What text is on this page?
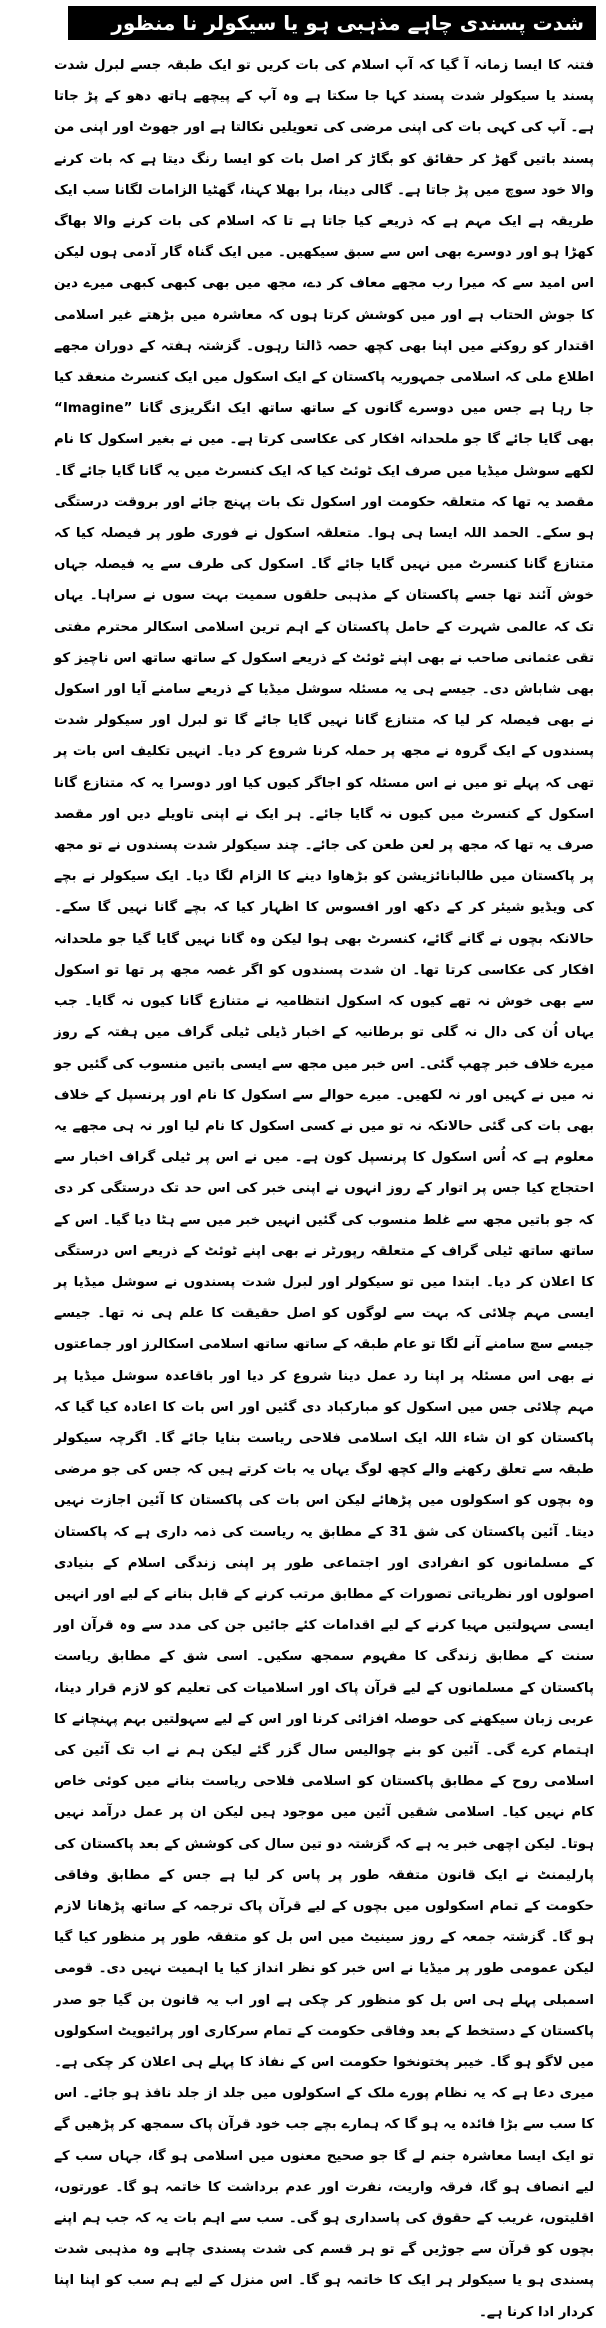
شدت پسندی چاہے مذہبی ہو یا سیکولر نا منظور

فتنہ کا ایسا زمانہ آ گیا کہ آپ اسلام کی بات کریں تو ایک طبقہ جسے لبرل شدت پسند یا سیکولر شدت پسند کہا جا سکتا ہے وہ آپ کے پیچھے ہاتھ دھو کے پڑ جاتا ہے۔ آپ کی کہی بات کی اپنی مرضی کی تعویلیں نکالتا ہے اور جھوٹ اور اپنی من پسند باتیں گھڑ کر حقائق کو بگاڑ کر اصل بات کو ایسا رنگ دیتا ہے کہ بات کرنے والا خود سوچ میں پڑ جاتا ہے۔ گالی دینا، برا بھلا کہنا، گھٹیا الزامات لگانا سب ایک طریقہ ہے ایک مہم ہے کہ ذریعے کیا جاتا ہے تا کہ اسلام کی بات کرنے والا بھاگ کھڑا ہو اور دوسرے بھی اس سے سبق سیکھیں۔ میں ایک گناہ گار آدمی ہوں لیکن اس امید سے کہ میرا رب مجھے معاف کر دے، مجھ میں بھی کبھی کبھی میرے دین کا جوش الحتاب ہے اور میں کوشش کرتا ہوں کہ معاشرہ میں بڑھتے غیر اسلامی اقتدار کو روکنے میں اپنا بھی کچھ حصہ ڈالتا رہوں۔ گزشتہ ہفتہ کے دوران مجھے اطلاع ملی کہ اسلامی جمہوریہ پاکستان کے ایک اسکول میں ایک کنسرٹ منعقد کیا جا رہا ہے جس میں دوسرے گانوں کے ساتھ ساتھ ایک انگریزی گانا ”Imagine“ بھی گایا جائے گا جو ملحدانہ افکار کی عکاسی کرتا ہے۔ میں نے بغیر اسکول کا نام لکھے سوشل میڈیا میں صرف ایک ٹوئٹ کیا کہ ایک کنسرٹ میں یہ گانا گایا جائے گا۔ مقصد یہ تھا کہ متعلقہ حکومت اور اسکول تک بات پہنچ جائے اور بروقت درستگی ہو سکے۔ الحمد اللہ ایسا ہی ہوا۔ متعلقہ اسکول نے فوری طور پر فیصلہ کیا کہ متنازع گانا کنسرٹ میں نہیں گایا جائے گا۔ اسکول کی طرف سے یہ فیصلہ جہاں خوش آئند تھا جسے پاکستان کے مذہبی حلقوں سمیت بہت سوں نے سراہا۔ یہاں تک کہ عالمی شہرت کے حامل پاکستان کے اہم ترین اسلامی اسکالر محترم مفتی تقی عثمانی صاحب نے بھی اپنے ٹوئٹ کے ذریعے اسکول کے ساتھ ساتھ اس ناچیز کو بھی شاباش دی۔ جیسے ہی یہ مسئلہ سوشل میڈیا کے ذریعے سامنے آیا اور اسکول نے بھی فیصلہ کر لیا کہ متنازع گانا نہیں گایا جائے گا تو لبرل اور سیکولر شدت پسندوں کے ایک گروہ نے مجھ پر حملہ کرنا شروع کر دیا۔ انہیں تکلیف اس بات پر تھی کہ پہلے تو میں نے اس مسئلہ کو اجاگر کیوں کیا اور دوسرا یہ کہ متنازع گانا اسکول کے کنسرٹ میں کیوں نہ گایا جائے۔ ہر ایک نے اپنی تاویلے دیں اور مقصد صرف یہ تھا کہ مجھ پر لعن طعن کی جائے۔ چند سیکولر شدت پسندوں نے تو مجھ پر پاکستان میں طالبانائزیشن کو بڑھاوا دینے کا الزام لگا دیا۔ ایک سیکولر نے بچے کی ویڈیو شیئر کر کے دکھ اور افسوس کا اظہار کیا کہ بچے گانا نہیں گا سکے۔ حالانکہ بچوں نے گانے گائے، کنسرٹ بھی ہوا لیکن وہ گانا نہیں گایا گیا جو ملحدانہ افکار کی عکاسی کرتا تھا۔ ان شدت پسندوں کو اگر غصہ مجھ پر تھا تو اسکول سے بھی خوش نہ تھے کیوں کہ اسکول انتظامیہ نے متنازع گانا کیوں نہ گایا۔ جب یہاں اُن کی دال نہ گلی تو برطانیہ کے اخبار ڈیلی ٹیلی گراف میں ہفتہ کے روز میرے خلاف خبر چھپ گئی۔ اس خبر میں مجھ سے ایسی باتیں منسوب کی گئیں جو نہ میں نے کہیں اور نہ لکھیں۔ میرے حوالے سے اسکول کا نام اور پرنسپل کے خلاف بھی بات کی گئی حالانکہ نہ تو میں نے کسی اسکول کا نام لیا اور نہ ہی مجھے یہ معلوم ہے کہ اُس اسکول کا پرنسپل کون ہے۔ میں نے اس پر ٹیلی گراف اخبار سے احتجاج کیا جس پر اتوار کے روز انہوں نے اپنی خبر کی اس حد تک درستگی کر دی کہ جو باتیں مجھ سے غلط منسوب کی گئیں انہیں خبر میں سے ہٹا دیا گیا۔ اس کے ساتھ ساتھ ٹیلی گراف کے متعلقہ رپورٹر نے بھی اپنے ٹوئٹ کے ذریعے اس درستگی کا اعلان کر دیا۔ ابتدا میں تو سیکولر اور لبرل شدت پسندوں نے سوشل میڈیا پر ایسی مہم چلائی کہ بہت سے لوگوں کو اصل حقیقت کا علم ہی نہ تھا۔ جیسے جیسے سچ سامنے آنے لگا تو عام طبقہ کے ساتھ ساتھ اسلامی اسکالرز اور جماعتوں نے بھی اس مسئلہ پر اپنا رد عمل دینا شروع کر دیا اور باقاعدہ سوشل میڈیا پر مہم چلائی جس میں اسکول کو مبارکباد دی گئیں اور اس بات کا اعادہ کیا گیا کہ پاکستان کو ان شاء اللہ ایک اسلامی فلاحی ریاست بنایا جائے گا۔ اگرچہ سیکولر طبقہ سے تعلق رکھنے والے کچھ لوگ یہاں یہ بات کرتے ہیں کہ جس کی جو مرضی وہ بچوں کو اسکولوں میں پڑھائے لیکن اس بات کی پاکستان کا آئین اجازت نہیں دیتا۔ آئین پاکستان کی شق 31 کے مطابق یہ ریاست کی ذمہ داری ہے کہ پاکستان کے مسلمانوں کو انفرادی اور اجتماعی طور پر اپنی زندگی اسلام کے بنیادی اصولوں اور نظریاتی تصورات کے مطابق مرتب کرنے کے قابل بنانے کے لیے اور انہیں ایسی سہولتیں مہیا کرنے کے لیے اقدامات کئے جائیں جن کی مدد سے وہ قرآن اور سنت کے مطابق زندگی کا مفہوم سمجھ سکیں۔ اسی شق کے مطابق ریاست پاکستان کے مسلمانوں کے لیے قرآن پاک اور اسلامیات کی تعلیم کو لازم قرار دینا، عربی زبان سیکھنے کی حوصلہ افزائی کرنا اور اس کے لیے سہولتیں بہم پہنچانے کا اہتمام کرے گی۔ آئین کو بنے چوالیس سال گزر گئے لیکن ہم نے اب تک آئین کی اسلامی روح کے مطابق پاکستان کو اسلامی فلاحی ریاست بنانے میں کوئی خاص کام نہیں کیا۔ اسلامی شقیں آئین میں موجود ہیں لیکن ان پر عمل درآمد نہیں ہوتا۔ لیکن اچھی خبر یہ ہے کہ گزشتہ دو تین سال کی کوشش کے بعد پاکستان کی پارلیمنٹ نے ایک قانون متفقہ طور پر پاس کر لیا ہے جس کے مطابق وفاقی حکومت کے تمام اسکولوں میں بچوں کے لیے قرآن پاک ترجمہ کے ساتھ پڑھانا لازم ہو گا۔ گزشتہ جمعہ کے روز سینیٹ میں اس بل کو متفقہ طور پر منظور کیا گیا لیکن عمومی طور پر میڈیا نے اس خبر کو نظر انداز کیا یا اہمیت نہیں دی۔ قومی اسمبلی پہلے ہی اس بل کو منظور کر چکی ہے اور اب یہ قانون بن گیا جو صدر پاکستان کے دستخط کے بعد وفاقی حکومت کے تمام سرکاری اور پرائیویٹ اسکولوں میں لاگو ہو گا۔ خیبر پختونخوا حکومت اس کے نفاذ کا پہلے ہی اعلان کر چکی ہے۔ میری دعا ہے کہ یہ نظام پورے ملک کے اسکولوں میں جلد از جلد نافذ ہو جائے۔ اس کا سب سے بڑا فائدہ یہ ہو گا کہ ہمارے بچے جب خود قرآن پاک سمجھ کر پڑھیں گے تو ایک ایسا معاشرہ جنم لے گا جو صحیح معنوں میں اسلامی ہو گا، جہاں سب کے لیے انصاف ہو گا، فرقہ واریت، نفرت اور عدم برداشت کا خاتمہ ہو گا۔ عورتوں، اقلیتوں، غریب کے حقوق کی پاسداری ہو گی۔ سب سے اہم بات یہ کہ جب ہم اپنے بچوں کو قرآن سے جوڑیں گے تو ہر قسم کی شدت پسندی چاہے وہ مذہبی شدت پسندی ہو یا سیکولر ہر ایک کا خاتمہ ہو گا۔ اس منزل کے لیے ہم سب کو اپنا اپنا کردار ادا کرنا ہے۔
